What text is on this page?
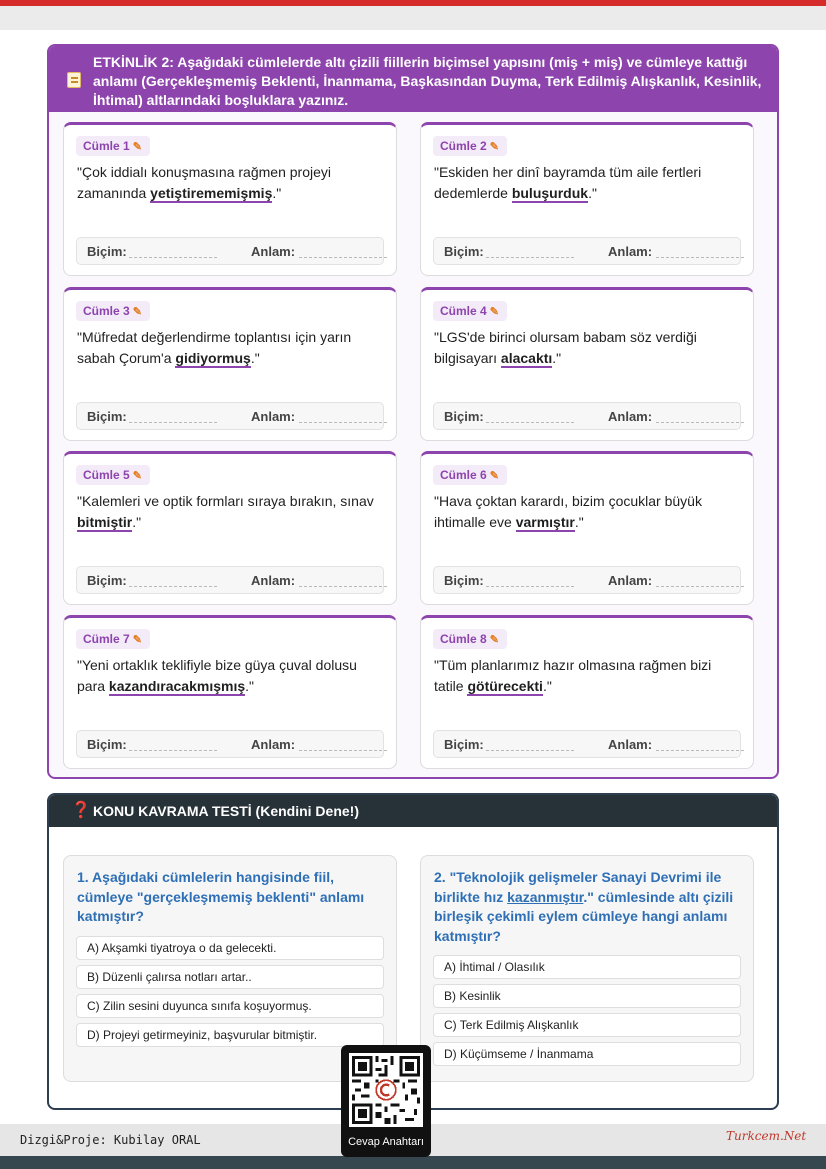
ETKİNLİK 2: Aşağıdaki cümlelerde altı çizili fiillerin biçimsel yapısını (miş + miş) ve cümleye kattığı anlamı (Gerçekleşmemiş Beklenti, İnanmama, Başkasından Duyma, Terk Edilmiş Alışkanlık, Kesinlik, İhtimal) altlarındaki boşluklara yazınız.
Cümle 1 ✎
"Çok iddialı konuşmasına rağmen projeyi zamanında yetiştirememişmiş."
Biçim:	Anlam:
Cümle 2 ✎
"Eskiden her dinî bayramda tüm aile fertleri dedemlerde buluşurduk."
Biçim:	Anlam:
Cümle 3 ✎
"Müfredat değerlendirme toplantısı için yarın sabah Çorum'a gidiyormuş."
Biçim:	Anlam:
Cümle 4 ✎
"LGS'de birinci olursam babam söz verdiği bilgisayarı alacaktı."
Biçim:	Anlam:
Cümle 5 ✎
"Kalemleri ve optik formları sıraya bırakın, sınav bitmiştir."
Biçim:	Anlam:
Cümle 6 ✎
"Hava çoktan karardı, bizim çocuklar büyük ihtimalle eve varmıştır."
Biçim:	Anlam:
Cümle 7 ✎
"Yeni ortaklık teklifiyle bize güya çuval dolusu para kazandıracakmışmış."
Biçim:	Anlam:
Cümle 8 ✎
"Tüm planlarımız hazır olmasına rağmen bizi tatile götürecekti."
Biçim:	Anlam:
❓ KONU KAVRAMA TESTİ (Kendini Dene!)
1. Aşağıdaki cümlelerin hangisinde fiil, cümleye "gerçekleşmemiş beklenti" anlamı katmıştır?
A) Akşamki tiyatroya o da gelecekti.
B) Düzenli çalırsa notları artar..
C) Zilin sesini duyunca sınıfa koşuyormuş.
D) Projeyi getirmeyiniz, başvurular bitmiştir.
2. "Teknolojik gelişmeler Sanayi Devrimi ile birlikte hız kazanmıştır." cümlesinde altı çizili birleşik çekimli eylem cümleye hangi anlamı katmıştır?
A) İhtimal / Olasılık
B) Kesinlik
C) Terk Edilmiş Alışkanlık
D) Küçümseme / İnanmama
Dizgi&Proje: Kubilay ORAL	Turkcem.Net
Cevap Anahtarı
